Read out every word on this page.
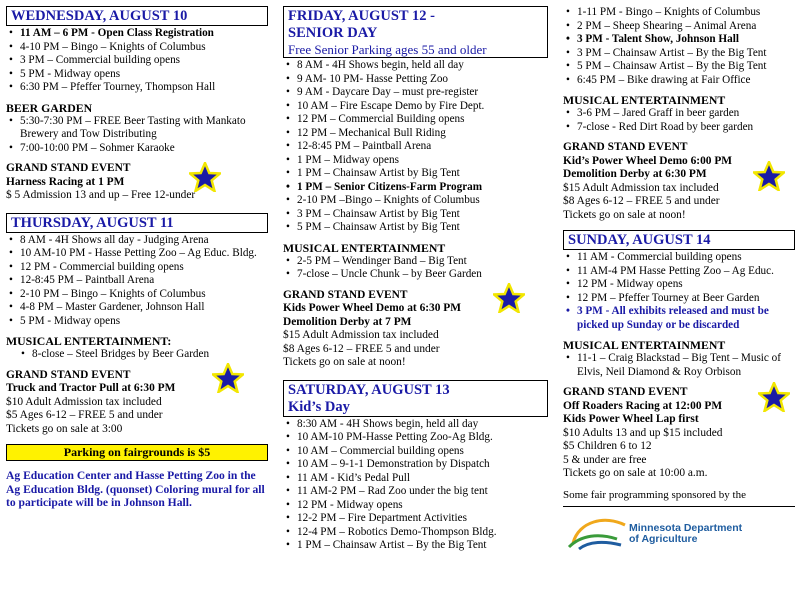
WEDNESDAY, AUGUST 10
• 11 AM – 6 PM - Open Class Registration
• 4-10 PM – Bingo – Knights of Columbus
• 3 PM – Commercial building opens
• 5 PM - Midway opens
• 6:30 PM – Pfeffer Tourney, Thompson Hall
BEER GARDEN
• 5:30-7:30 PM – FREE Beer Tasting with Mankato Brewery and Tow Distributing
• 7:00-10:00 PM – Sohmer Karaoke
GRAND STAND EVENT
Harness Racing at 1 PM
$ 5 Admission 13 and up – Free 12-under
THURSDAY, AUGUST 11
• 8 AM - 4H Shows all day - Judging Arena
• 10 AM-10 PM - Hasse Petting Zoo – Ag Educ. Bldg.
• 12 PM - Commercial building opens
• 12-8:45 PM – Paintball Arena
• 2-10 PM – Bingo – Knights of Columbus
• 4-8 PM – Master Gardener, Johnson Hall
• 5 PM - Midway opens
MUSICAL ENTERTAINMENT:
• 8-close – Steel Bridges by Beer Garden
GRAND STAND EVENT
Truck and Tractor Pull at 6:30 PM
$10 Adult Admission tax included
$5 Ages 6-12 – FREE 5 and under
Tickets go on sale at 3:00
Parking on fairgrounds is $5
Ag Education Center and Hasse Petting Zoo in the Ag Education Bldg. (quonset) Coloring mural for all to participate will be in Johnson Hall.
FRIDAY, AUGUST 12 -
SENIOR DAY
Free Senior Parking ages 55 and older
• 8 AM - 4H Shows begin, held all day
• 9 AM- 10 PM- Hasse Petting Zoo
• 9 AM - Daycare Day – must pre-register
• 10 AM – Fire Escape Demo by Fire Dept.
• 12 PM – Commercial Building opens
• 12 PM – Mechanical Bull Riding
• 12-8:45 PM – Paintball Arena
• 1 PM – Midway opens
• 1 PM – Chainsaw Artist by Big Tent
• 1 PM – Senior Citizens-Farm Program
• 2-10 PM –Bingo – Knights of Columbus
• 3 PM – Chainsaw Artist by Big Tent
• 5 PM – Chainsaw Artist by Big Tent
MUSICAL ENTERTAINMENT
• 2-5 PM – Wendinger Band – Big Tent
• 7-close – Uncle Chunk – by Beer Garden
GRAND STAND EVENT
Kids Power Wheel Demo at 6:30 PM
Demolition Derby at 7 PM
$15 Adult Admission tax included
$8 Ages 6-12 – FREE 5 and under
Tickets go on sale at noon!
SATURDAY, AUGUST 13
Kid’s Day
• 8:30 AM - 4H Shows begin, held all day
• 10 AM-10 PM-Hasse Petting Zoo-Ag Bldg.
• 10 AM – Commercial building opens
• 10 AM – 9-1-1 Demonstration by Dispatch
• 11 AM - Kid’s Pedal Pull
• 11 AM-2 PM – Rad Zoo under the big tent
• 12 PM - Midway opens
• 12-2 PM – Fire Department Activities
• 12-4 PM – Robotics Demo-Thompson Bldg.
• 1 PM – Chainsaw Artist – By the Big Tent
• 1-11 PM - Bingo – Knights of Columbus
• 2 PM – Sheep Shearing – Animal Arena
• 3 PM - Talent Show, Johnson Hall
• 3 PM – Chainsaw Artist – By the Big Tent
• 5 PM – Chainsaw Artist – By the Big Tent
• 6:45 PM – Bike drawing at Fair Office
MUSICAL ENTERTAINMENT
• 3-6 PM – Jared Graff in beer garden
• 7-close - Red Dirt Road by beer garden
GRAND STAND EVENT
Kid’s Power Wheel Demo 6:00 PM
Demolition Derby at 6:30 PM
$15 Adult Admission tax included
$8 Ages 6-12 – FREE 5 and under
Tickets go on sale at noon!
SUNDAY, AUGUST 14
• 11 AM - Commercial building opens
• 11 AM-4 PM Hasse Petting Zoo – Ag Educ.
• 12 PM - Midway opens
• 12 PM – Pfeffer Tourney at Beer Garden
• 3 PM - All exhibits released and must be picked up Sunday or be discarded
MUSICAL ENTERTAINMENT
• 11-1 – Craig Blackstad – Big Tent – Music of Elvis, Neil Diamond & Roy Orbison
GRAND STAND EVENT
Off Roaders Racing at 12:00 PM
Kids Power Wheel Lap first
$10 Adults 13 and up $15 included
$5 Children 6 to 12
5 & under are free
Tickets go on sale at 10:00 a.m.
Some fair programming sponsored by the
Minnesota Department
of Agriculture
